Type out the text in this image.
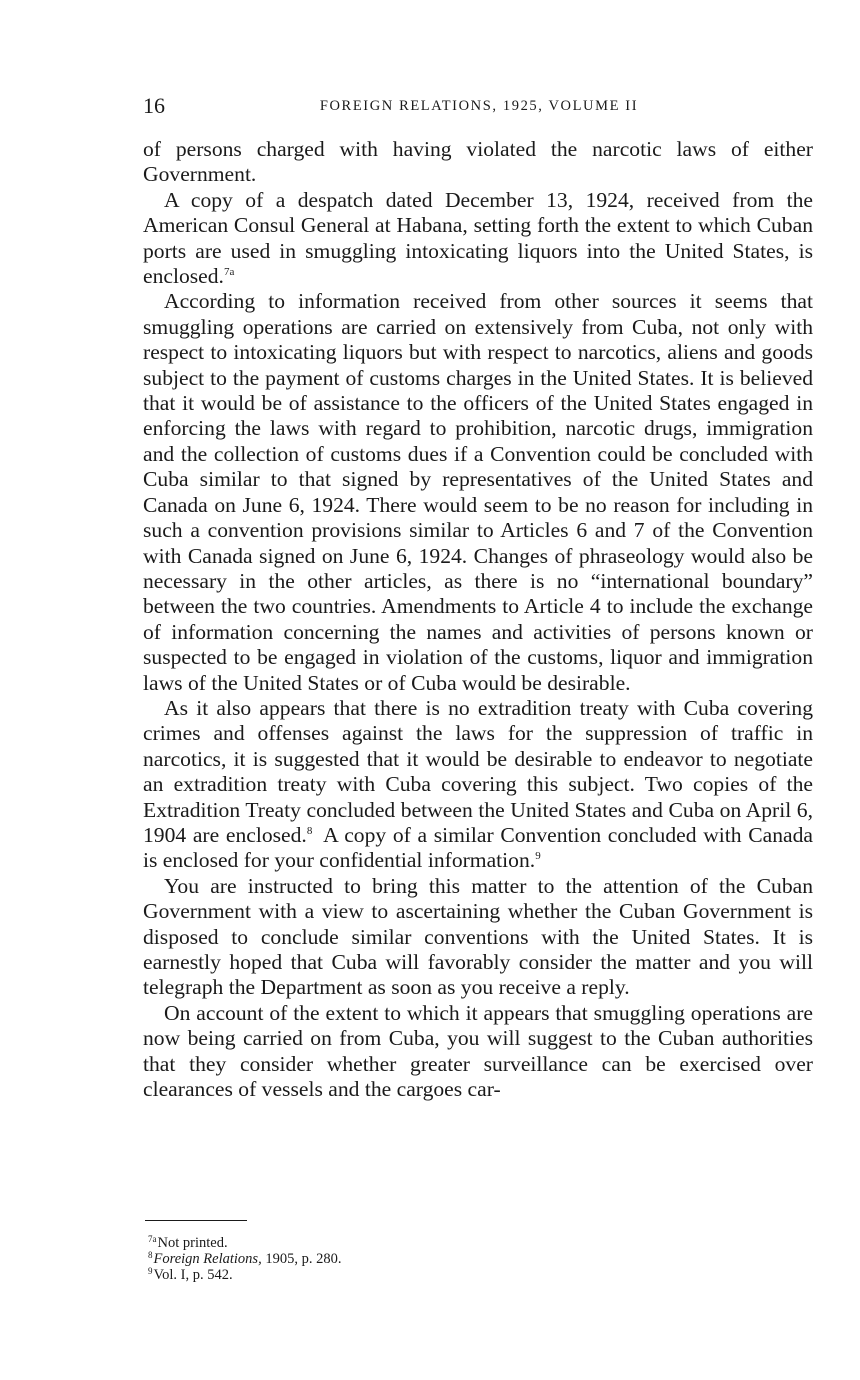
16	FOREIGN RELATIONS, 1925, VOLUME II

of persons charged with having violated the narcotic laws of either Government.

A copy of a despatch dated December 13, 1924, received from the American Consul General at Habana, setting forth the extent to which Cuban ports are used in smuggling intoxicating liquors into the United States, is enclosed.$^{7a}$

According to information received from other sources it seems that smuggling operations are carried on extensively from Cuba, not only with respect to intoxicating liquors but with respect to narcotics, aliens and goods subject to the payment of customs charges in the United States. It is believed that it would be of assistance to the officers of the United States engaged in enforcing the laws with regard to prohibition, narcotic drugs, immigration and the collection of customs dues if a Convention could be concluded with Cuba similar to that signed by representatives of the United States and Canada on June 6, 1924. There would seem to be no reason for including in such a convention provisions similar to Articles 6 and 7 of the Convention with Canada signed on June 6, 1924. Changes of phraseology would also be necessary in the other articles, as there is no “international boundary” between the two countries. Amendments to Article 4 to include the exchange of information concerning the names and activities of persons known or suspected to be engaged in violation of the customs, liquor and immigration laws of the United States or of Cuba would be desirable.

As it also appears that there is no extradition treaty with Cuba covering crimes and offenses against the laws for the suppression of traffic in narcotics, it is suggested that it would be desirable to endeavor to negotiate an extradition treaty with Cuba covering this subject. Two copies of the Extradition Treaty concluded between the United States and Cuba on April 6, 1904 are enclosed.$^8$  A copy of a similar Convention concluded with Canada is enclosed for your confidential information.$^9$

You are instructed to bring this matter to the attention of the Cuban Government with a view to ascertaining whether the Cuban Government is disposed to conclude similar conventions with the United States. It is earnestly hoped that Cuba will favorably consider the matter and you will telegraph the Department as soon as you receive a reply.

On account of the extent to which it appears that smuggling operations are now being carried on from Cuba, you will suggest to the Cuban authorities that they consider whether greater surveillance can be exercised over clearances of vessels and the cargoes car-

$^{7a}$Not printed.

$^8$Foreign Relations, 1905, p. 280.

$^9$Vol. I, p. 542.
